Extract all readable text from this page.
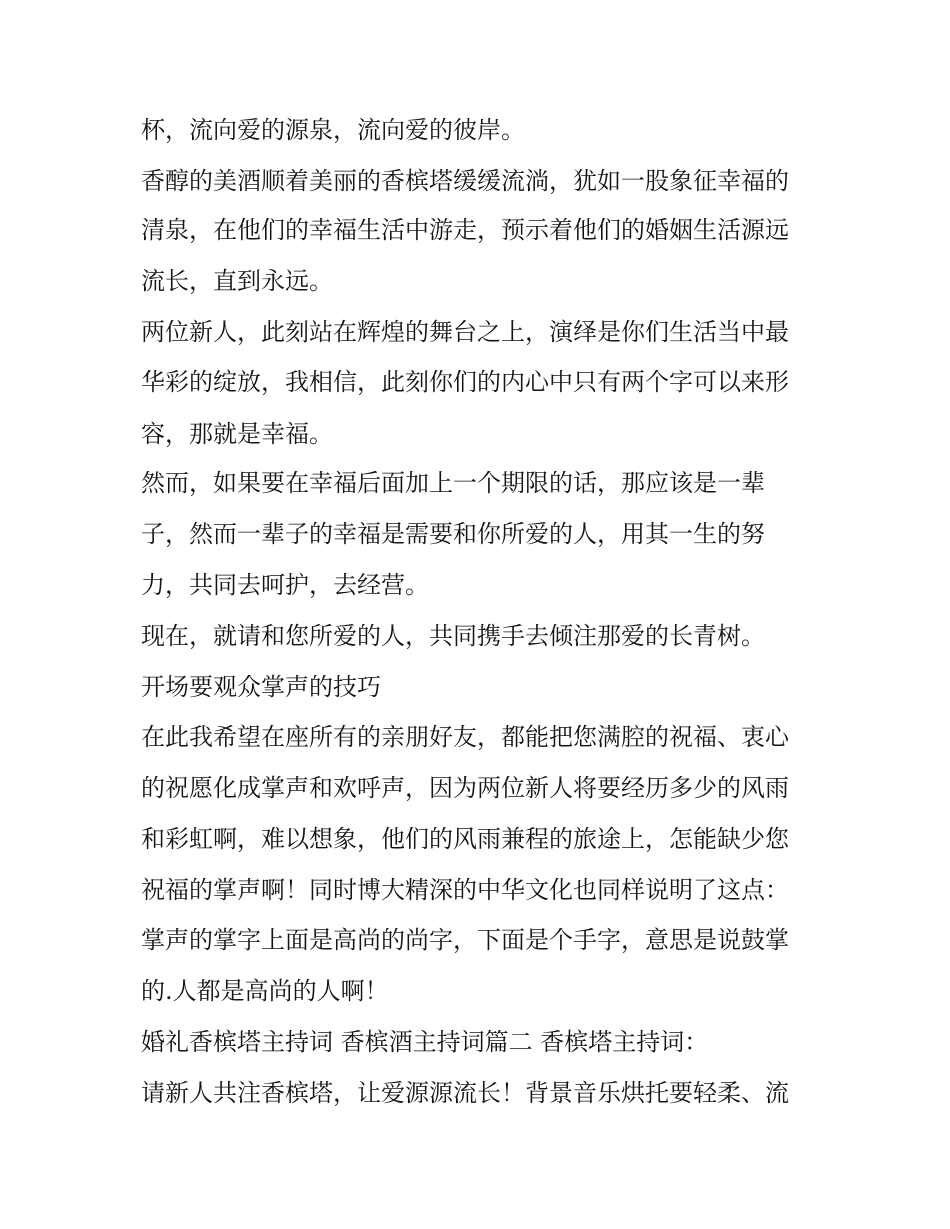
杯，流向爱的源泉，流向爱的彼岸。

香醇的美酒顺着美丽的香槟塔缓缓流淌，犹如一股象征幸福的

清泉，在他们的幸福生活中游走，预示着他们的婚姻生活源远

流长，直到永远。

两位新人，此刻站在辉煌的舞台之上，演绎是你们生活当中最

华彩的绽放，我相信，此刻你们的内心中只有两个字可以来形

容，那就是幸福。

然而，如果要在幸福后面加上一个期限的话，那应该是一辈

子，然而一辈子的幸福是需要和你所爱的人，用其一生的努

力，共同去呵护，去经营。

现在，就请和您所爱的人，共同携手去倾注那爱的长青树。

开场要观众掌声的技巧

在此我希望在座所有的亲朋好友，都能把您满腔的祝福、衷心

的祝愿化成掌声和欢呼声，因为两位新人将要经历多少的风雨

和彩虹啊，难以想象，他们的风雨兼程的旅途上，怎能缺少您

祝福的掌声啊！同时博大精深的中华文化也同样说明了这点：

掌声的掌字上面是高尚的尚字，下面是个手字，意思是说鼓掌

的.人都是高尚的人啊！

婚礼香槟塔主持词 香槟酒主持词篇二 香槟塔主持词：

请新人共注香槟塔，让爱源源流长！背景音乐烘托要轻柔、流
